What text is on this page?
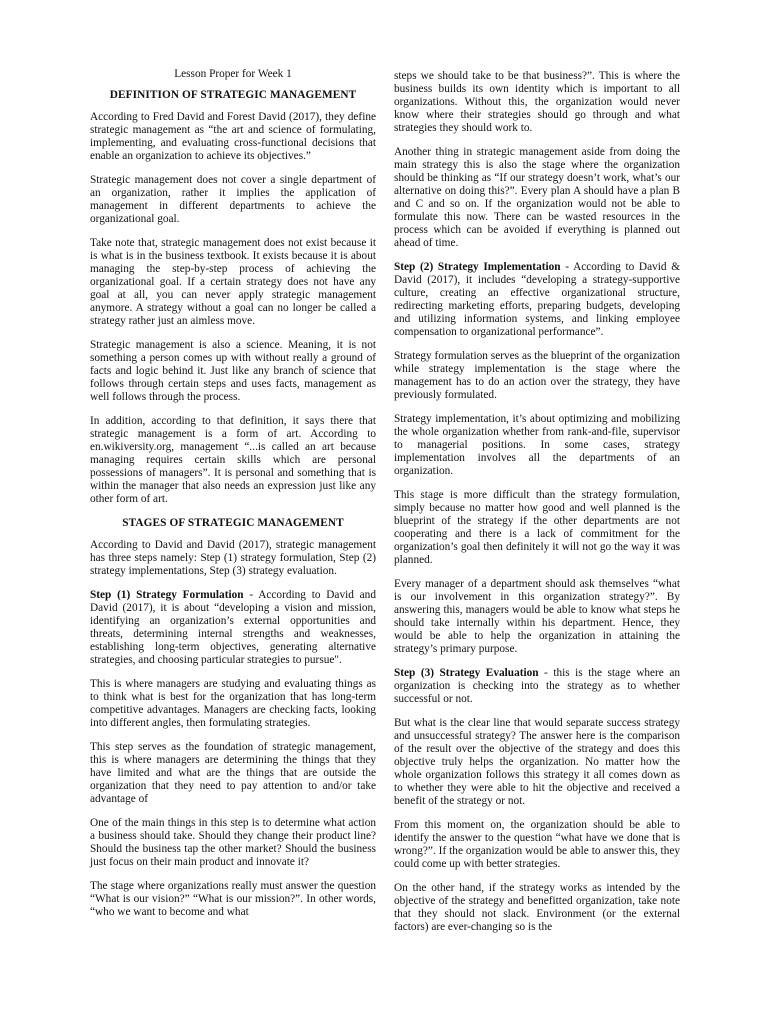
Lesson Proper for Week 1
DEFINITION OF STRATEGIC MANAGEMENT

According to Fred David and Forest David (2017), they define strategic management as “the art and science of formulating, implementing, and evaluating cross-functional decisions that enable an organization to achieve its objectives.”

Strategic management does not cover a single department of an organization, rather it implies the application of management in different departments to achieve the organizational goal.

Take note that, strategic management does not exist because it is what is in the business textbook. It exists because it is about managing the step-by-step process of achieving the organizational goal. If a certain strategy does not have any goal at all, you can never apply strategic management anymore. A strategy without a goal can no longer be called a strategy rather just an aimless move.

Strategic management is also a science. Meaning, it is not something a person comes up with without really a ground of facts and logic behind it. Just like any branch of science that follows through certain steps and uses facts, management as well follows through the process.

In addition, according to that definition, it says there that strategic management is a form of art. According to en.wikiversity.org, management “...is called an art because managing requires certain skills which are personal possessions of managers”. It is personal and something that is within the manager that also needs an expression just like any other form of art.

STAGES OF STRATEGIC MANAGEMENT

According to David and David (2017), strategic management has three steps namely: Step (1) strategy formulation, Step (2) strategy implementations, Step (3) strategy evaluation.

Step (1) Strategy Formulation - According to David and David (2017), it is about “developing a vision and mission, identifying an organization’s external opportunities and threats, determining internal strengths and weaknesses, establishing long-term objectives, generating alternative strategies, and choosing particular strategies to pursue".

This is where managers are studying and evaluating things as to think what is best for the organization that has long-term competitive advantages. Managers are checking facts, looking into different angles, then formulating strategies.

This step serves as the foundation of strategic management, this is where managers are determining the things that they have limited and what are the things that are outside the organization that they need to pay attention to and/or take advantage of

One of the main things in this step is to determine what action a business should take. Should they change their product line? Should the business tap the other market? Should the business just focus on their main product and innovate it?

The stage where organizations really must answer the question “What is our vision?” “What is our mission?”. In other words, “who we want to become and what

steps we should take to be that business?”. This is where the business builds its own identity which is important to all organizations. Without this, the organization would never know where their strategies should go through and what strategies they should work to.

Another thing in strategic management aside from doing the main strategy this is also the stage where the organization should be thinking as “If our strategy doesn’t work, what’s our alternative on doing this?”. Every plan A should have a plan B and C and so on. If the organization would not be able to formulate this now. There can be wasted resources in the process which can be avoided if everything is planned out ahead of time.

Step (2) Strategy Implementation - According to David & David (2017), it includes “developing a strategy-supportive culture, creating an effective organizational structure, redirecting marketing efforts, preparing budgets, developing and utilizing information systems, and linking employee compensation to organizational performance”.

Strategy formulation serves as the blueprint of the organization while strategy implementation is the stage where the management has to do an action over the strategy, they have previously formulated.

Strategy implementation, it’s about optimizing and mobilizing the whole organization whether from rank-and-file, supervisor to managerial positions. In some cases, strategy implementation involves all the departments of an organization.

This stage is more difficult than the strategy formulation, simply because no matter how good and well planned is the blueprint of the strategy if the other departments are not cooperating and there is a lack of commitment for the organization’s goal then definitely it will not go the way it was planned.

Every manager of a department should ask themselves “what is our involvement in this organization strategy?”. By answering this, managers would be able to know what steps he should take internally within his department. Hence, they would be able to help the organization in attaining the strategy’s primary purpose.

Step (3) Strategy Evaluation - this is the stage where an organization is checking into the strategy as to whether successful or not.

But what is the clear line that would separate success strategy and unsuccessful strategy? The answer here is the comparison of the result over the objective of the strategy and does this objective truly helps the organization. No matter how the whole organization follows this strategy it all comes down as to whether they were able to hit the objective and received a benefit of the strategy or not.

From this moment on, the organization should be able to identify the answer to the question “what have we done that is wrong?”. If the organization would be able to answer this, they could come up with better strategies.

On the other hand, if the strategy works as intended by the objective of the strategy and benefitted organization, take note that they should not slack. Environment (or the external factors) are ever-changing so is the
